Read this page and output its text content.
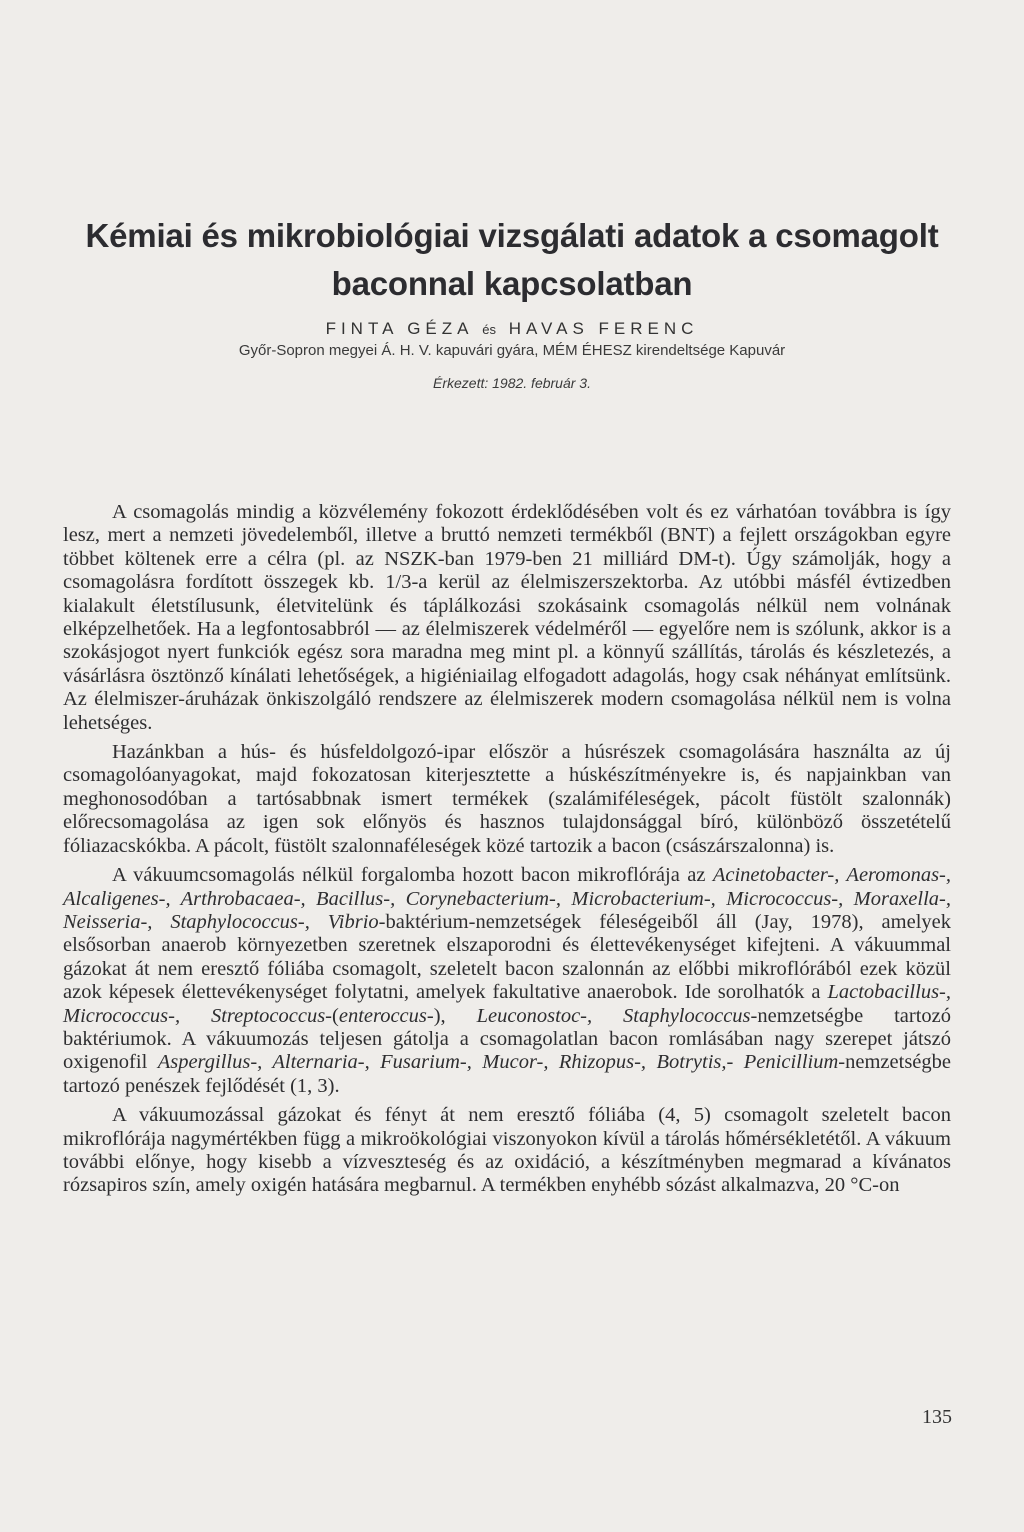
Kémiai és mikrobiológiai vizsgálati adatok a csomagolt baconnal kapcsolatban
FINTA GÉZA és HAVAS FERENC
Győr-Sopron megyei Á. H. V. kapuvári gyára, MÉM ÉHESZ kirendeltsége Kapuvár
Érkezett: 1982. február 3.

A csomagolás mindig a közvélemény fokozott érdeklődésében volt és ez várhatóan továbbra is így lesz, mert a nemzeti jövedelemből, illetve a bruttó nemzeti termékből (BNT) a fejlett országokban egyre többet költenek erre a célra (pl. az NSZK-ban 1979-ben 21 milliárd DM-t). Úgy számolják, hogy a csomagolásra fordított összegek kb. 1/3-a kerül az élelmiszerszektorba. Az utóbbi másfél évtizedben kialakult életstílusunk, életvitelünk és táplálkozási szokásaink csomagolás nélkül nem volnának elképzelhetőek. Ha a legfontosabbról — az élelmiszerek védelméről — egyelőre nem is szólunk, akkor is a szokásjogot nyert funkciók egész sora maradna meg mint pl. a könnyű szállítás, tárolás és készletezés, a vásárlásra ösztönző kínálati lehetőségek, a higiéniailag elfogadott adagolás, hogy csak néhányat említsünk. Az élelmiszer-áruházak önkiszolgáló rendszere az élelmiszerek modern csomagolása nélkül nem is volna lehetséges.

Hazánkban a hús- és húsfeldolgozó-ipar először a húsrészek csomagolására használta az új csomagolóanyagokat, majd fokozatosan kiterjesztette a húskészítményekre is, és napjainkban van meghonosodóban a tartósabbnak ismert termékek (szalámiféleségek, pácolt füstölt szalonnák) előrecsomagolása az igen sok előnyös és hasznos tulajdonsággal bíró, különböző összetételű fóliazacskókba. A pácolt, füstölt szalonnaféleségek közé tartozik a bacon (császárszalonna) is.

A vákuumcsomagolás nélkül forgalomba hozott bacon mikroflórája az Acinetobacter-, Aeromonas-, Alcaligenes-, Arthrobacaea-, Bacillus-, Corynebacterium-, Microbacterium-, Micrococcus-, Moraxella-, Neisseria-, Staphylococcus-, Vibrio-baktérium-nemzetségek féleségeiből áll (Jay, 1978), amelyek elsősorban anaerob környezetben szeretnek elszaporodni és élettevékenységet kifejteni. A vákuummal gázokat át nem eresztő fóliába csomagolt, szeletelt bacon szalonnán az előbbi mikroflórából ezek közül azok képesek élettevékenységet folytatni, amelyek fakultative anaerobok. Ide sorolhatók a Lactobacillus-, Micrococcus-, Streptococcus-(enteroccus-), Leuconostoc-, Staphylococcus-nemzetségbe tartozó baktériumok. A vákuumozás teljesen gátolja a csomagolatlan bacon romlásában nagy szerepet játszó oxigenofil Aspergillus-, Alternaria-, Fusarium-, Mucor-, Rhizopus-, Botrytis,- Penicillium-nemzetségbe tartozó penészek fejlődését (1, 3).

A vákuumozással gázokat és fényt át nem eresztő fóliába (4, 5) csomagolt szeletelt bacon mikroflórája nagymértékben függ a mikroökológiai viszonyokon kívül a tárolás hőmérsékletétől. A vákuum további előnye, hogy kisebb a vízveszteség és az oxidáció, a készítményben megmarad a kívánatos rózsapiros szín, amely oxigén hatására megbarnul. A termékben enyhébb sózást alkalmazva, 20 °C-on

135
